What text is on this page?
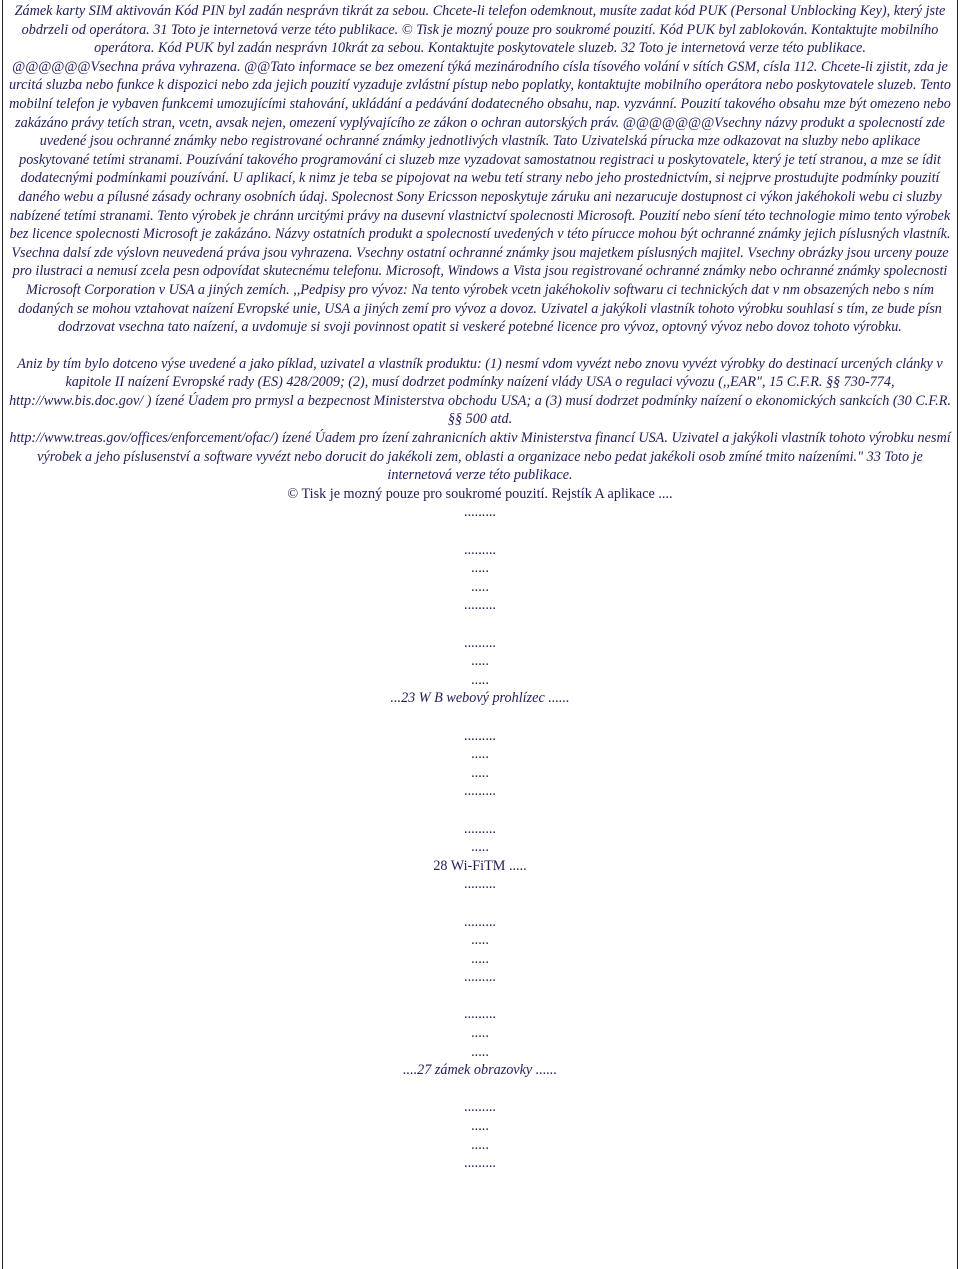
Zámek karty SIM aktivován Kód PIN byl zadán nesprávn tikrát za sebou. Chcete-li telefon odemknout, musíte zadat kód PUK (Personal Unblocking Key), který jste obdrzeli od operátora. 31 Toto je internetová verze této publikace. © Tisk je mozný pouze pro soukromé pouzití. Kód PUK byl zablokován. Kontaktujte mobilního operátora. Kód PUK byl zadán nesprávn 10krát za sebou. Kontaktujte poskytovatele sluzeb. 32 Toto je internetová verze této publikace.

@@@@@@Vsechna práva vyhrazena. @@Tato informace se bez omezení týká mezinárodního císla tísového volání v sítích GSM, císla 112. Chcete-li zjistit, zda je urcitá sluzba nebo funkce k dispozici nebo zda jejich pouzití vyzaduje zvlástní pístup nebo poplatky, kontaktujte mobilního operátora nebo poskytovatele sluzeb. Tento mobilní telefon je vybaven funkcemi umozujícími stahování, ukládání a pedávání dodatecného obsahu, nap. vyzvánní. Pouzití takového obsahu mze být omezeno nebo zakázáno právy tetích stran, vcetn, avsak nejen, omezení vyplývajícího ze zákon o ochran autorských práv. @@@@@@@Vsechny názvy produkt a spolecností zde uvedené jsou ochranné známky nebo registrované ochranné známky jednotlivých vlastník. Tato Uzivatelská pírucka mze odkazovat na sluzby nebo aplikace poskytované tetími stranami. Pouzívání takového programování ci sluzeb mze vyzadovat samostatnou registraci u poskytovatele, který je tetí stranou, a mze se ídit dodatecnými podmínkami pouzívání. U aplikací, k nimz je teba se pipojovat na webu tetí strany nebo jeho prostednictvím, si nejprve prostudujte podmínky pouzití daného webu a pílusné zásady ochrany osobních údaj. Spolecnost Sony Ericsson neposkytuje záruku ani nezarucuje dostupnost ci výkon jakéhokoli webu ci sluzby nabízené tetími stranami. Tento výrobek je chránn urcitými právy na dusevní vlastnictví spolecnosti Microsoft. Pouzití nebo síení této technologie mimo tento výrobek bez licence spolecnosti Microsoft je zakázáno. Názvy ostatních produkt a spolecností uvedených v této pírucce mohou být ochranné známky jejich píslusných vlastník. Vsechna dalsí zde výslovn neuvedená práva jsou vyhrazena. Vsechny ostatní ochranné známky jsou majetkem píslusných majitel. Vsechny obrázky jsou urceny pouze pro ilustraci a nemusí zcela pesn odpovídat skutecnému telefonu. Microsoft, Windows a Vista jsou registrované ochranné známky nebo ochranné známky spolecnosti Microsoft Corporation v USA a jiných zemích. ,,Pedpisy pro vývoz: Na tento výrobek vcetn jakéhokoliv softwaru ci technických dat v nm obsazených nebo s ním dodaných se mohou vztahovat naízení Evropské unie, USA a jiných zemí pro vývoz a dovoz. Uzivatel a jakýkoli vlastník tohoto výrobku souhlasí s tím, ze bude písn dodrzovat vsechna tato naízení, a uvdomuje si svoji povinnost opatit si veskeré potebné licence pro vývoz, optovný vývoz nebo dovoz tohoto výrobku.

Aniz by tím bylo dotceno výse uvedené a jako píklad, uzivatel a vlastník produktu: (1) nesmí vdom vyvézt nebo znovu vyvézt výrobky do destinací urcených clánky v kapitole II naízení Evropské rady (ES) 428/2009; (2), musí dodrzet podmínky naízení vlády USA o regulaci vývozu (,,EAR", 15 C.F.R. §§ 730-774, http://www.bis.doc.gov/ ) ízené Úadem pro prmysl a bezpecnost Ministerstva obchodu USA; a (3) musí dodrzet podmínky naízení o ekonomických sankcích (30 C.F.R. §§ 500 atd.

http://www.treas.gov/offices/enforcement/ofac/) ízené Úadem pro ízení zahranicních aktiv Ministerstva financí USA. Uzivatel a jakýkoli vlastník tohoto výrobku nesmí výrobek a jeho píslusenství a software vyvézt nebo dorucit do jakékoli zem, oblasti a organizace nebo pedat jakékoli osob zmíné tmito naízeními." 33 Toto je internetová verze této publikace.

© Tisk je mozný pouze pro soukromé pouzití. Rejstík A aplikace ....

.........
.........
.....
.....
.........
.........
.....
.....

...23 W B webový prohlízec ......

.........
.....
.....
.........
.........
.....

28 Wi-FiTM .....

.........
.........
.....
.....
.........
.........
.....
.....

....27 zámek obrazovky ......

.........
.....
.....
.........
